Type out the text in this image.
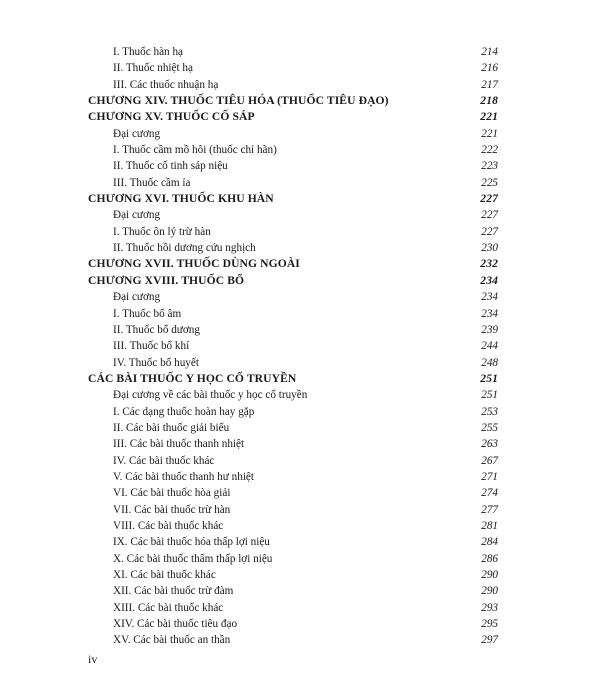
I. Thuốc hàn hạ	214
II. Thuốc nhiệt hạ	216
III. Các thuốc nhuận hạ	217
CHƯƠNG XIV. THUỐC TIÊU HÓA (THUỐC TIÊU ĐẠO)	218
CHƯƠNG XV. THUỐC CỐ SÁP	221
Đại cương	221
I. Thuốc cầm mồ hôi (thuốc chỉ hãn)	222
II. Thuốc cố tinh sáp niệu	223
III. Thuốc cầm ỉa	225
CHƯƠNG XVI. THUỐC KHU HÀN	227
Đại cương	227
I. Thuốc ôn lý trừ hàn	227
II. Thuốc hồi dương cứu nghịch	230
CHƯƠNG XVII. THUỐC DÙNG NGOÀI	232
CHƯƠNG XVIII. THUỐC BỔ	234
Đại cương	234
I. Thuốc bổ âm	234
II. Thuốc bổ dương	239
III. Thuốc bổ khí	244
IV. Thuốc bổ huyết	248
CÁC BÀI THUỐC Y HỌC CỔ TRUYỀN	251
Đại cương về các bài thuốc y học cổ truyền	251
I. Các dạng thuốc hoàn hay gặp	253
II. Các bài thuốc giải biểu	255
III. Các bài thuốc thanh nhiệt	263
IV. Các bài thuốc khác	267
V. Các bài thuốc thanh hư nhiệt	271
VI. Các bài thuốc hòa giải	274
VII. Các bài thuốc trừ hàn	277
VIII. Các bài thuốc khác	281
IX. Các bài thuốc hóa thấp lợi niệu	284
X. Các bài thuốc thẩm thấp lợi niệu	286
XI. Các bài thuốc khác	290
XII. Các bài thuốc trừ đàm	290
XIII. Các bài thuốc khác	293
XIV. Các bài thuốc tiêu đạo	295
XV. Các bài thuốc an thần	297
iv
